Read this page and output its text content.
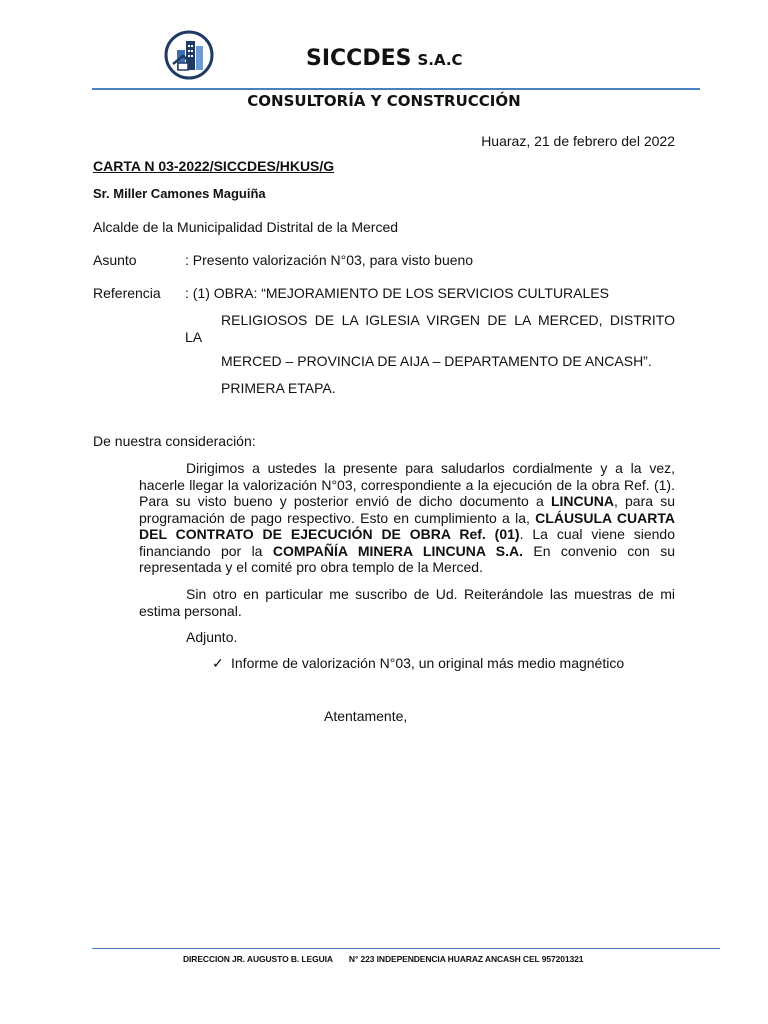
SICCDES S.A.C
CONSULTORÍA Y CONSTRUCCIÓN
Huaraz, 21 de febrero del 2022
CARTA N 03-2022/SICCDES/HKUS/G
Sr. Miller Camones Maguiña
Alcalde de la Municipalidad Distrital de la Merced
Asunto	: Presento valorización N°03, para visto bueno
Referencia : (1) OBRA: “MEJORAMIENTO DE LOS SERVICIOS CULTURALES
RELIGIOSOS DE LA IGLESIA VIRGEN DE LA MERCED, DISTRITO
LA
MERCED – PROVINCIA DE AIJA – DEPARTAMENTO DE ANCASH”.
PRIMERA ETAPA.
De nuestra consideración:
Dirigimos a ustedes la presente para saludarlos cordialmente y a la vez, hacerle llegar la valorización N°03, correspondiente a la ejecución de la obra Ref. (1). Para su visto bueno y posterior envió de dicho documento a LINCUNA, para su programación de pago respectivo. Esto en cumplimiento a la, CLÁUSULA CUARTA DEL CONTRATO DE EJECUCIÓN DE OBRA Ref. (01). La cual viene siendo financiando por la COMPAÑÍA MINERA LINCUNA S.A. En convenio con su representada y el comité pro obra templo de la Merced.
Sin otro en particular me suscribo de Ud. Reiterándole las muestras de mi estima personal.
Adjunto.
✓ Informe de valorización N°03, un original más medio magnético
Atentamente,
DIRECCION JR. AUGUSTO B. LEGUIA N° 223 INDEPENDENCIA HUARAZ ANCASH CEL 957201321
